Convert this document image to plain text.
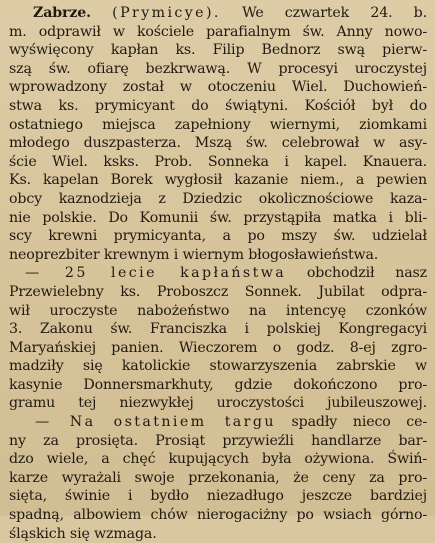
Zabrze. (Prymicye). We czwartek 24. b.
m. odprawił w kościele parafialnym św. Anny nowo-
wyświęcony kapłan ks. Filip Bednorz swą pierw-
szą św. ofiarę bezkrwawą. W procesyi uroczystej
wprowadzony został w otoczeniu Wiel. Duchowień-
stwa ks. prymicyant do świątyni. Kościół był do
ostatniego miejsca zapełniony wiernymi, ziomkami
młodego duszpasterza. Mszą św. celebrował w asy-
ście Wiel. ksks. Prob. Sonneka i kapel. Knauera.
Ks. kapelan Borek wygłosił kazanie niem., a pewien
obcy kaznodzieja z Dziedzic okolicznościowe kaza-
nie polskie. Do Komunii św. przystąpiła matka i bli-
scy krewni prymicyanta, a po mszy św. udzielał
neoprezbiter krewnym i wiernym błogosławieństwa.

— 25 lecie kapłaństwa obchodził nasz
Przewielebny ks. Proboszcz Sonnek. Jubilat odpra-
wił uroczyste nabożeństwo na intencyę czonków
3. Zakonu św. Franciszka i polskiej Kongregacyi
Maryańskiej panien. Wieczorem o godz. 8-ej zgro-
madziły się katolickie stowarzyszenia zabrskie w
kasynie Donnersmarkhuty, gdzie dokończono pro-
gramu tej niezwykłej uroczystości jubileuszowej.

— Na ostatniem targu spadły nieco ce-
ny za prosięta. Prosiąt przywieźli handlarze bar-
dzo wiele, a chęć kupujących była ożywiona. Świń-
karze wyrażali swoje przekonania, że ceny za pro-
sięta, świnie i bydło niezadługo jeszcze bardziej
spadną, albowiem chów nierogaciżny po wsiach górno-
śląskich się wzmaga.
